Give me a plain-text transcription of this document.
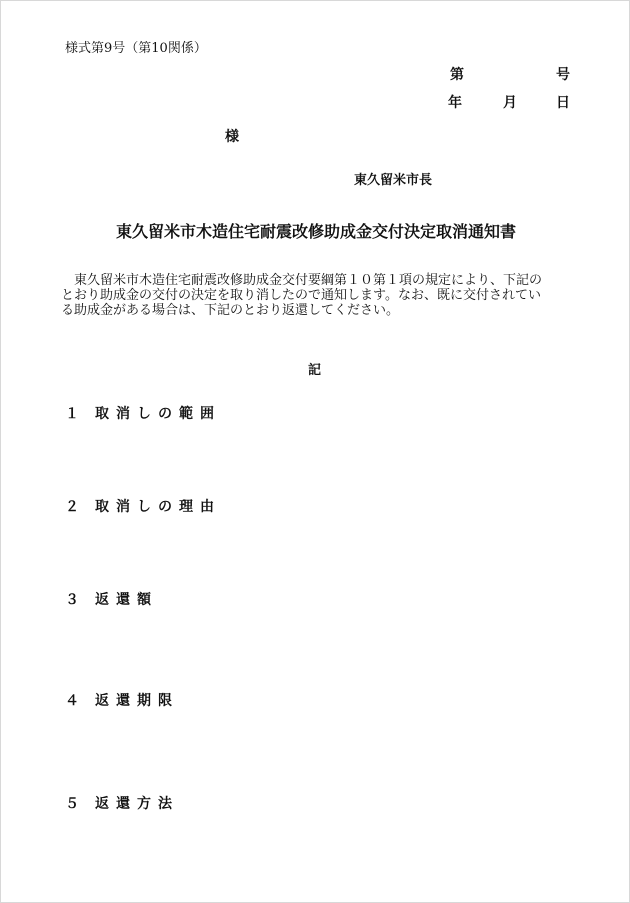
様式第9号（第10関係）
第	号
年	月	日
様
東久留米市長
東久留米市木造住宅耐震改修助成金交付決定取消通知書
　東久留米市木造住宅耐震改修助成金交付要綱第１０第１項の規定により、下記の
とおり助成金の交付の決定を取り消したので通知します。なお、既に交付されてい
る助成金がある場合は、下記のとおり返還してください。
記
１ 取消しの範囲
２ 取消しの理由
３ 返還額
４ 返還期限
５ 返還方法
